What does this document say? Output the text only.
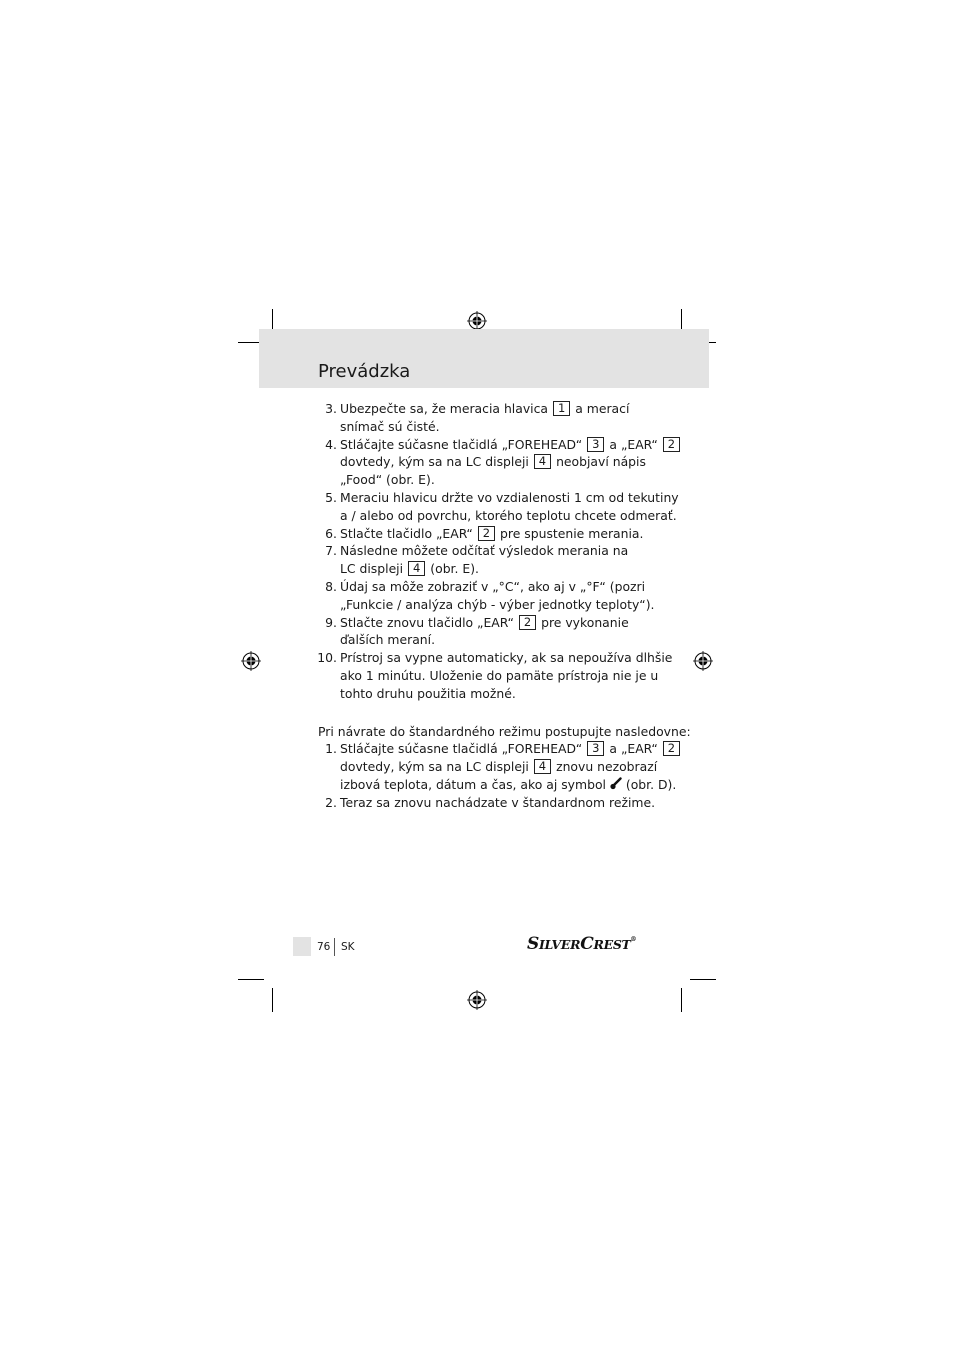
Prevádzka
3. Ubezpečte sa, že meracia hlavica 1 a merací
snímač sú čisté.
4. Stláčajte súčasne tlačidlá „FOREHEAD“ 3 a „EAR“ 2
dovtedy, kým sa na LC displeji 4 neobjaví nápis
„Food“ (obr. E).
5. Meraciu hlavicu držte vo vzdialenosti 1 cm od tekutiny
a / alebo od povrchu, ktorého teplotu chcete odmerať.
6. Stlačte tlačidlo „EAR“ 2 pre spustenie merania.
7. Následne môžete odčítať výsledok merania na
LC displeji 4 (obr. E).
8. Údaj sa môže zobraziť v „°C“, ako aj v „°F“ (pozri
„Funkcie / analýza chýb - výber jednotky teploty“).
9. Stlačte znovu tlačidlo „EAR“ 2 pre vykonanie
ďalších meraní.
10. Prístroj sa vypne automaticky, ak sa nepoužíva dlhšie
ako 1 minútu. Uloženie do pamäte prístroja nie je u
tohto druhu použitia možné.
Pri návrate do štandardného režimu postupujte nasledovne:
1. Stláčajte súčasne tlačidlá „FOREHEAD“ 3 a „EAR“ 2
dovtedy, kým sa na LC displeji 4 znovu nezobrazí
izbová teplota, dátum a čas, ako aj symbol  (obr. D).
2. Teraz sa znovu nachádzate v štandardnom režime.
76 SK	SILVERCREST®
